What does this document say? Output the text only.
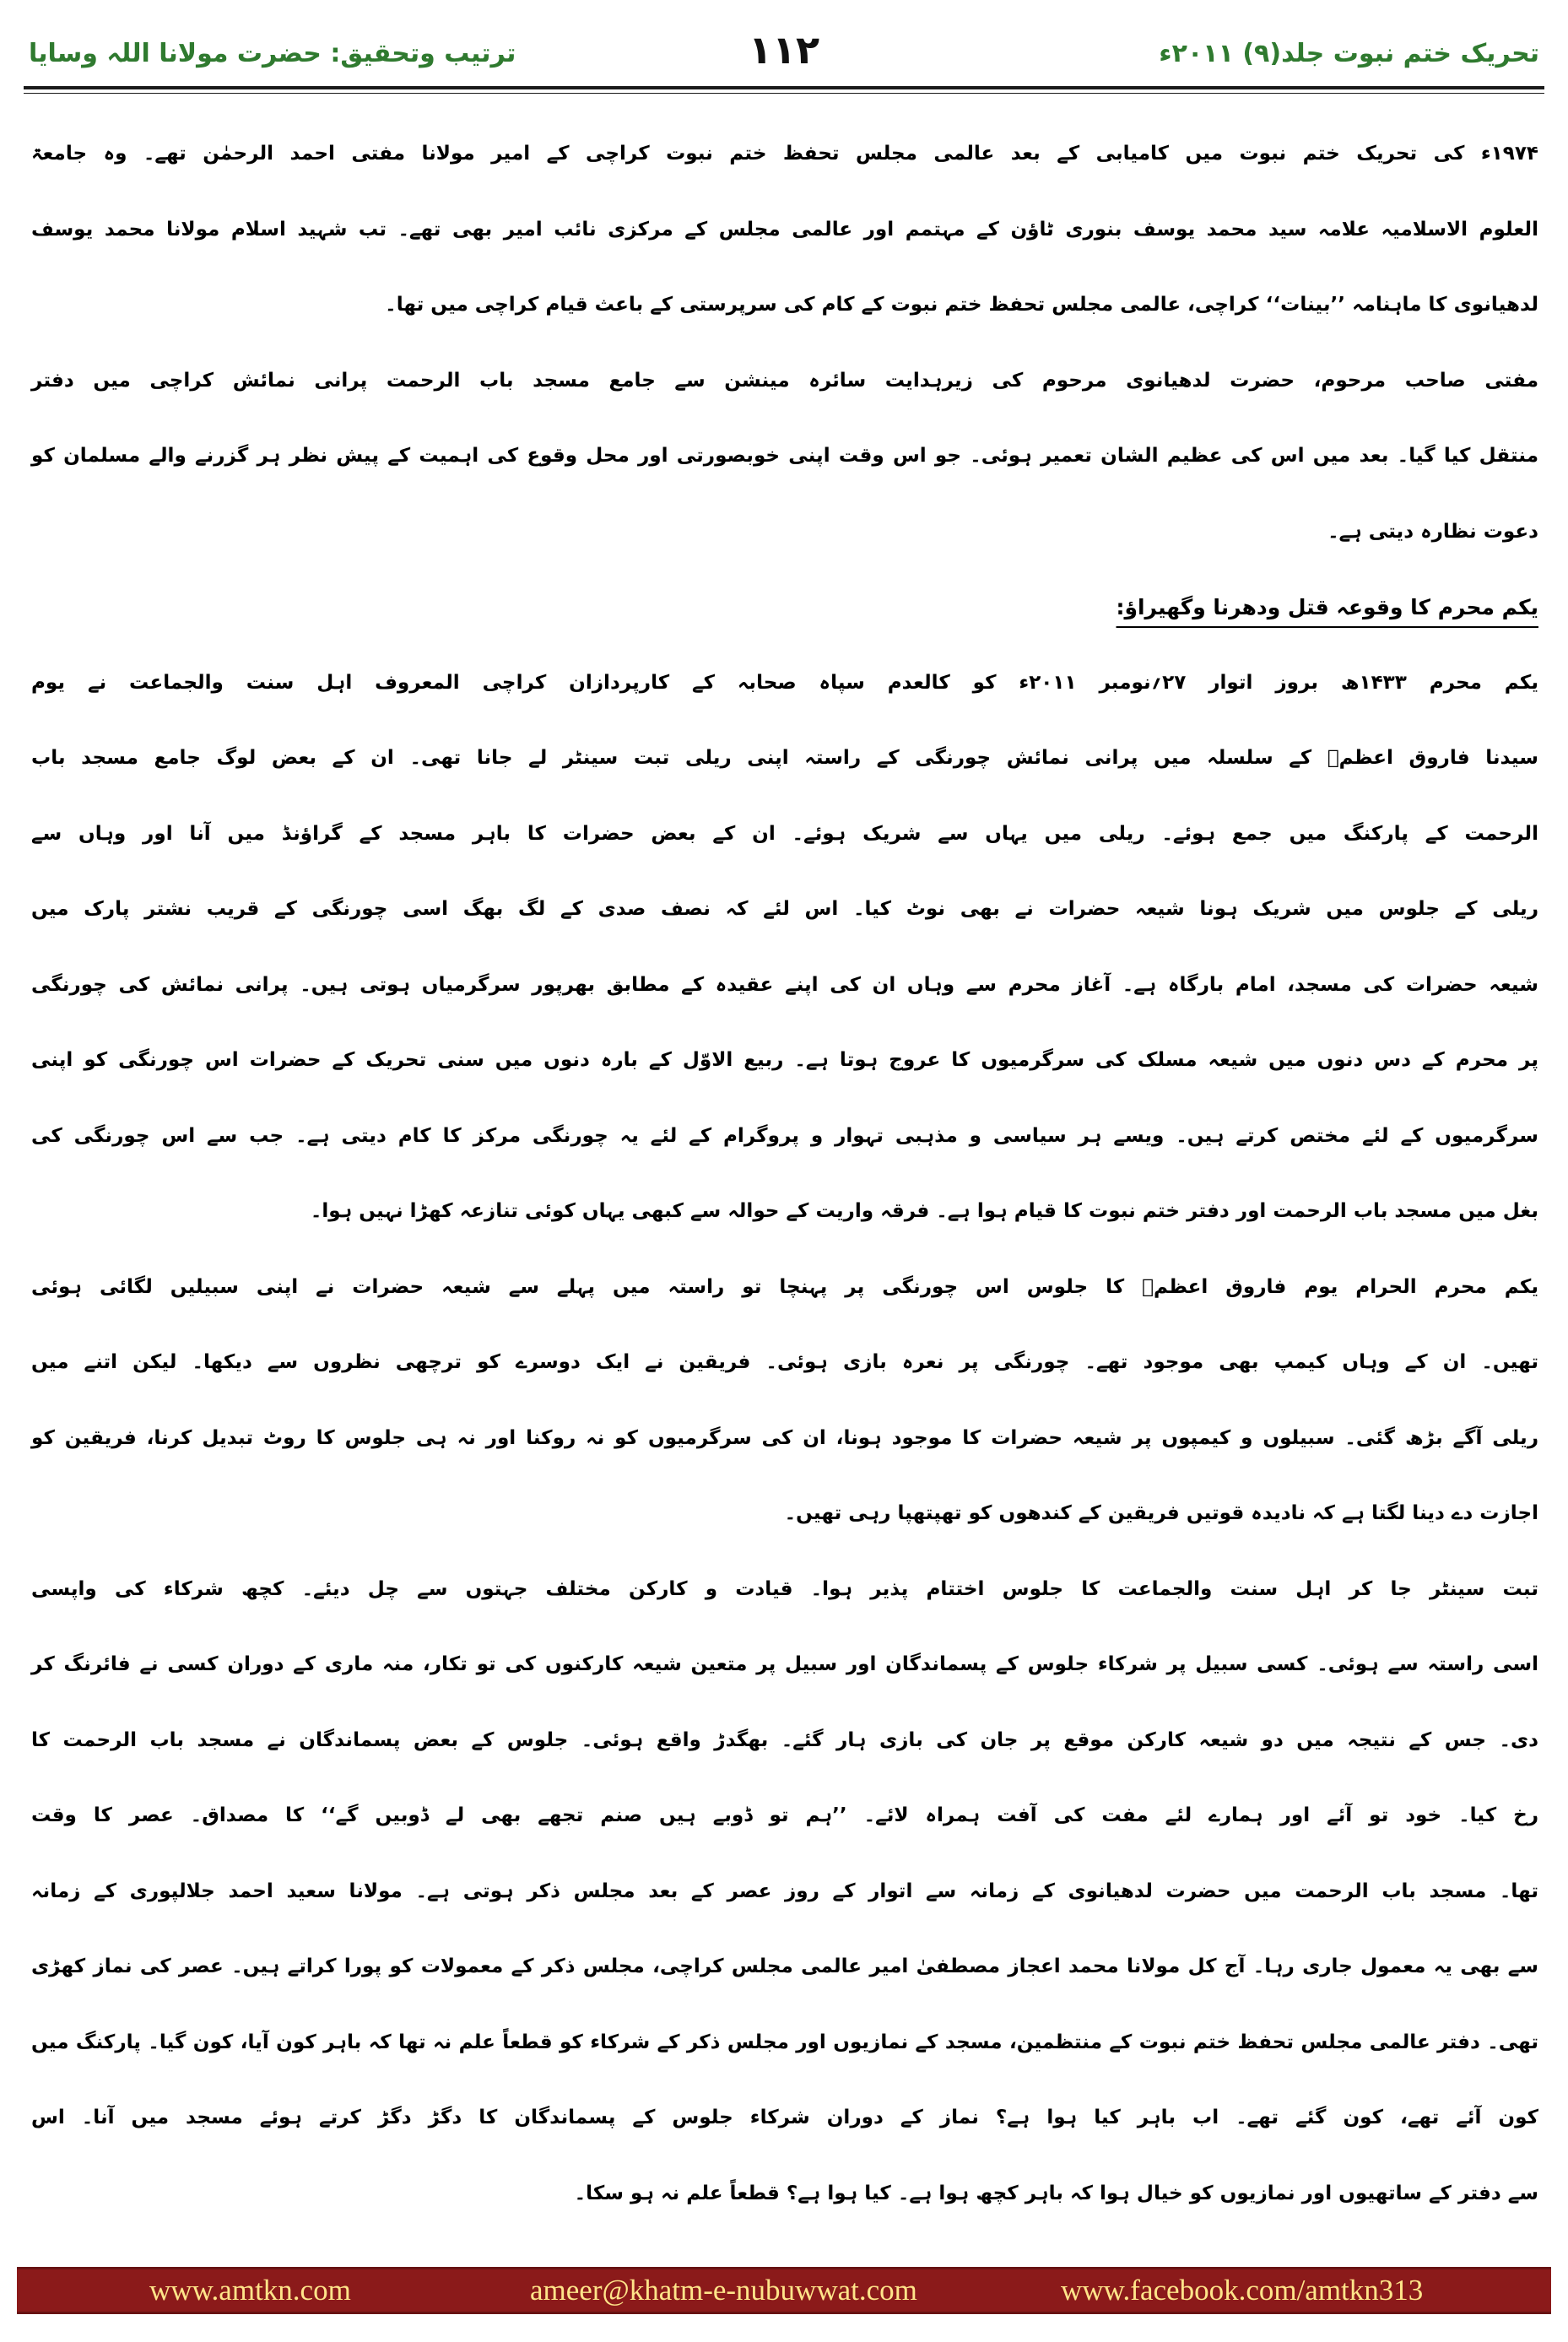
تحریک ختم نبوت جلد(۹) ۲۰۱۱ء
۱۱۲
ترتیب وتحقیق: حضرت مولانا اللہ وسایا
۱۹۷۴ء کی تحریک ختم نبوت میں کامیابی کے بعد عالمی مجلس تحفظ ختم نبوت کراچی کے امیر مولانا مفتی احمد الرحمٰن تھے۔ وہ جامعۃ
العلوم الاسلامیہ علامہ سید محمد یوسف بنوری ٹاؤن کے مہتمم اور عالمی مجلس کے مرکزی نائب امیر بھی تھے۔ تب شہید اسلام مولانا محمد یوسف
لدھیانوی کا ماہنامہ ’’بینات‘‘ کراچی، عالمی مجلس تحفظ ختم نبوت کے کام کی سرپرستی کے باعث قیام کراچی میں تھا۔
مفتی صاحب مرحوم، حضرت لدھیانوی مرحوم کی زیرہدایت سائرہ مینشن سے جامع مسجد باب الرحمت پرانی نمائش کراچی میں دفتر
منتقل کیا گیا۔ بعد میں اس کی عظیم الشان تعمیر ہوئی۔ جو اس وقت اپنی خوبصورتی اور محل وقوع کی اہمیت کے پیش نظر ہر گزرنے والے مسلمان کو
دعوت نظارہ دیتی ہے۔
یکم محرم کا وقوعہ قتل ودھرنا وگھیراؤ:
یکم محرم ۱۴۳۳ھ بروز اتوار ۲۷؍نومبر ۲۰۱۱ء کو کالعدم سپاہ صحابہ کے کارپردازان کراچی المعروف اہل سنت والجماعت نے یوم
سیدنا فاروق اعظمؓ کے سلسلہ میں پرانی نمائش چورنگی کے راستہ اپنی ریلی تبت سینٹر لے جانا تھی۔ ان کے بعض لوگ جامع مسجد باب
الرحمت کے پارکنگ میں جمع ہوئے۔ ریلی میں یہاں سے شریک ہوئے۔ ان کے بعض حضرات کا باہر مسجد کے گراؤنڈ میں آنا اور وہاں سے
ریلی کے جلوس میں شریک ہونا شیعہ حضرات نے بھی نوٹ کیا۔ اس لئے کہ نصف صدی کے لگ بھگ اسی چورنگی کے قریب نشتر پارک میں
شیعہ حضرات کی مسجد، امام بارگاہ ہے۔ آغاز محرم سے وہاں ان کی اپنے عقیدہ کے مطابق بھرپور سرگرمیاں ہوتی ہیں۔ پرانی نمائش کی چورنگی
پر محرم کے دس دنوں میں شیعہ مسلک کی سرگرمیوں کا عروج ہوتا ہے۔ ربیع الاوّل کے بارہ دنوں میں سنی تحریک کے حضرات اس چورنگی کو اپنی
سرگرمیوں کے لئے مختص کرتے ہیں۔ ویسے ہر سیاسی و مذہبی تہوار و پروگرام کے لئے یہ چورنگی مرکز کا کام دیتی ہے۔ جب سے اس چورنگی کی
بغل میں مسجد باب الرحمت اور دفتر ختم نبوت کا قیام ہوا ہے۔ فرقہ واریت کے حوالہ سے کبھی یہاں کوئی تنازعہ کھڑا نہیں ہوا۔
یکم محرم الحرام یوم فاروق اعظمؓ کا جلوس اس چورنگی پر پہنچا تو راستہ میں پہلے سے شیعہ حضرات نے اپنی سبیلیں لگائی ہوئی
تھیں۔ ان کے وہاں کیمپ بھی موجود تھے۔ چورنگی پر نعرہ بازی ہوئی۔ فریقین نے ایک دوسرے کو ترچھی نظروں سے دیکھا۔ لیکن اتنے میں
ریلی آگے بڑھ گئی۔ سبیلوں و کیمپوں پر شیعہ حضرات کا موجود ہونا، ان کی سرگرمیوں کو نہ روکنا اور نہ ہی جلوس کا روٹ تبدیل کرنا، فریقین کو
اجازت دے دینا لگتا ہے کہ نادیدہ قوتیں فریقین کے کندھوں کو تھپتھپا رہی تھیں۔
تبت سینٹر جا کر اہل سنت والجماعت کا جلوس اختتام پذیر ہوا۔ قیادت و کارکن مختلف جہتوں سے چل دیئے۔ کچھ شرکاء کی واپسی
اسی راستہ سے ہوئی۔ کسی سبیل پر شرکاء جلوس کے پسماندگان اور سبیل پر متعین شیعہ کارکنوں کی تو تکار، منہ ماری کے دوران کسی نے فائرنگ کر
دی۔ جس کے نتیجہ میں دو شیعہ کارکن موقع پر جان کی بازی ہار گئے۔ بھگدڑ واقع ہوئی۔ جلوس کے بعض پسماندگان نے مسجد باب الرحمت کا
رخ کیا۔ خود تو آئے اور ہمارے لئے مفت کی آفت ہمراہ لائے۔ ’’ہم تو ڈوبے ہیں صنم تجھے بھی لے ڈوبیں گے‘‘ کا مصداق۔ عصر کا وقت
تھا۔ مسجد باب الرحمت میں حضرت لدھیانوی کے زمانہ سے اتوار کے روز عصر کے بعد مجلس ذکر ہوتی ہے۔ مولانا سعید احمد جلالپوری کے زمانہ
سے بھی یہ معمول جاری رہا۔ آج کل مولانا محمد اعجاز مصطفیٰ امیر عالمی مجلس کراچی، مجلس ذکر کے معمولات کو پورا کراتے ہیں۔ عصر کی نماز کھڑی
تھی۔ دفتر عالمی مجلس تحفظ ختم نبوت کے منتظمین، مسجد کے نمازیوں اور مجلس ذکر کے شرکاء کو قطعاً علم نہ تھا کہ باہر کون آیا، کون گیا۔ پارکنگ میں
کون آئے تھے، کون گئے تھے۔ اب باہر کیا ہوا ہے؟ نماز کے دوران شرکاء جلوس کے پسماندگان کا دگڑ دگڑ کرتے ہوئے مسجد میں آنا۔ اس
سے دفتر کے ساتھیوں اور نمازیوں کو خیال ہوا کہ باہر کچھ ہوا ہے۔ کیا ہوا ہے؟ قطعاً علم نہ ہو سکا۔
www.amtkn.com	ameer@khatm-e-nubuwwat.com	www.facebook.com/amtkn313
